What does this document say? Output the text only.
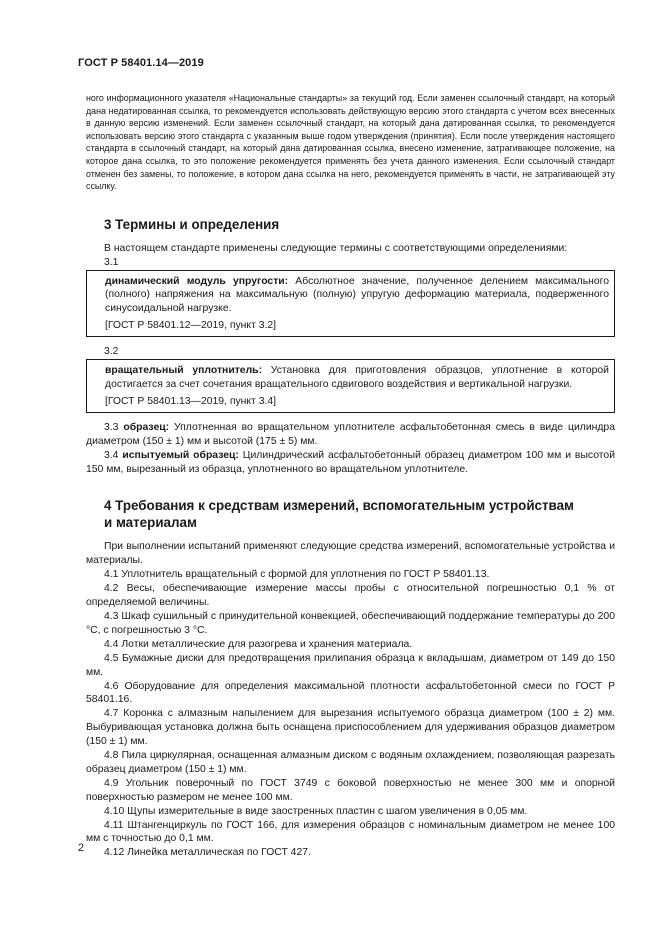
ГОСТ Р 58401.14—2019

ного информационного указателя «Национальные стандарты» за текущий год. Если заменен ссылочный стандарт, на который дана недатированная ссылка, то рекомендуется использовать действующую версию этого стандарта с учетом всех внесенных в данную версию изменений. Если заменен ссылочный стандарт, на который дана датированная ссылка, то рекомендуется использовать версию этого стандарта с указанным выше годом утверждения (принятия). Если после утверждения настоящего стандарта в ссылочный стандарт, на который дана датированная ссылка, внесено изменение, затрагивающее положение, на которое дана ссылка, то это положение рекомендуется применять без учета данного изменения. Если ссылочный стандарт отменен без замены, то положение, в котором дана ссылка на него, рекомендуется применять в части, не затрагивающей эту ссылку.

3 Термины и определения

В настоящем стандарте применены следующие термины с соответствующими определениями:

3.1

динамический модуль упругости: Абсолютное значение, полученное делением максимального (полного) напряжения на максимальную (полную) упругую деформацию материала, подверженного синусоидальной нагрузке.

[ГОСТ Р 58401.12—2019, пункт 3.2]

3.2

вращательный уплотнитель: Установка для приготовления образцов, уплотнение в которой достигается за счет сочетания вращательного сдвигового воздействия и вертикальной нагрузки.

[ГОСТ Р 58401.13—2019, пункт 3.4]

3.3 образец: Уплотненная во вращательном уплотнителе асфальтобетонная смесь в виде цилиндра диаметром (150 ± 1) мм и высотой (175 ± 5) мм.

3.4 испытуемый образец: Цилиндрический асфальтобетонный образец диаметром 100 мм и высотой 150 мм, вырезанный из образца, уплотненного во вращательном уплотнителе.

4 Требования к средствам измерений, вспомогательным устройствам
и материалам

При выполнении испытаний применяют следующие средства измерений, вспомогательные устройства и материалы.

4.1 Уплотнитель вращательный с формой для уплотнения по ГОСТ Р 58401.13.

4.2 Весы, обеспечивающие измерение массы пробы с относительной погрешностью 0,1 % от определяемой величины.

4.3 Шкаф сушильный с принудительной конвекцией, обеспечивающий поддержание температуры до 200 °С, с погрешностью 3 °С.

4.4 Лотки металлические для разогрева и хранения материала.

4.5 Бумажные диски для предотвращения прилипания образца к вкладышам, диаметром от 149 до 150 мм.

4.6 Оборудование для определения максимальной плотности асфальтобетонной смеси по ГОСТ Р 58401.16.

4.7 Коронка с алмазным напылением для вырезания испытуемого образца диаметром (100 ± 2) мм. Выбуривающая установка должна быть оснащена приспособлением для удерживания образцов диаметром (150 ± 1) мм.

4.8 Пила циркулярная, оснащенная алмазным диском с водяным охлаждением, позволяющая разрезать образец диаметром (150 ± 1) мм.

4.9 Угольник поверочный по ГОСТ 3749 с боковой поверхностью не менее 300 мм и опорной поверхностью размером не менее 100 мм.

4.10 Щупы измерительные в виде заостренных пластин с шагом увеличения в 0,05 мм.

4.11 Штангенциркуль по ГОСТ 166, для измерения образцов с номинальным диаметром не менее 100 мм с точностью до 0,1 мм.

4.12 Линейка металлическая по ГОСТ 427.

2
